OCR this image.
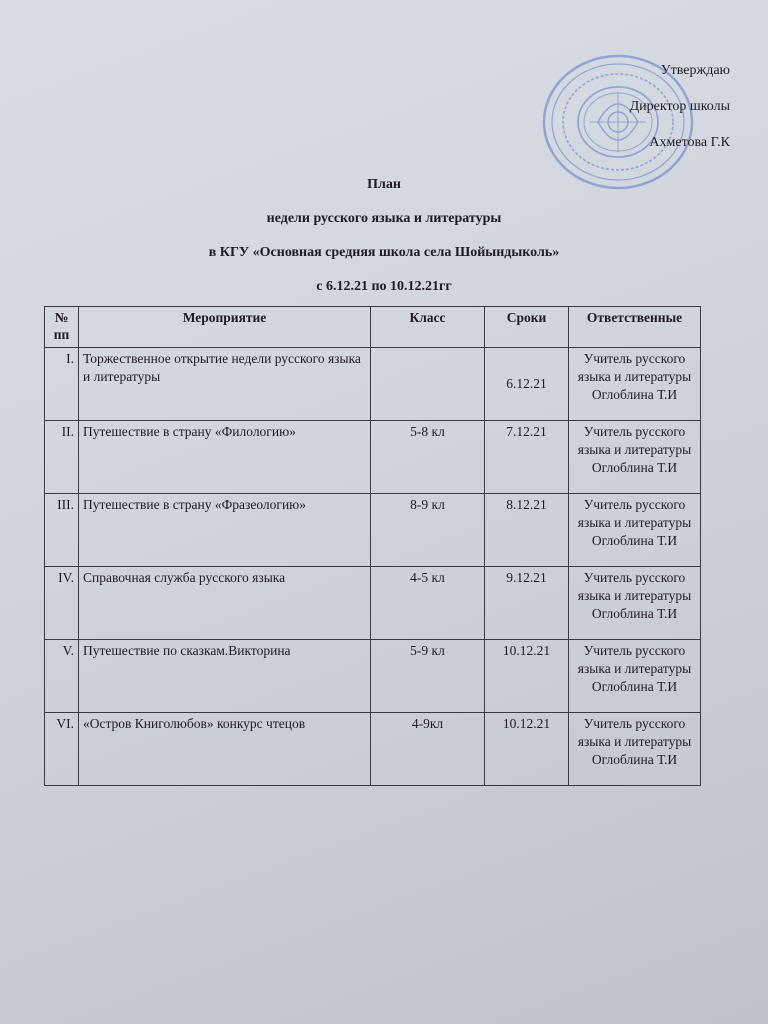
Утверждаю
Директор школы
Ахметова Г.К
План
недели русского языка и литературы
в КГУ «Основная средняя школа села Шойындыколь»
с 6.12.21 по 10.12.21гг
№ пп	Мероприятие	Класс	Сроки	Ответственные
I.	Торжественное открытие недели русского языка и литературы		6.12.21	Учитель русского языка и литературы Оглоблина Т.И
II.	Путешествие в страну «Филологию»	5-8 кл	7.12.21	Учитель русского языка и литературы Оглоблина Т.И
III.	Путешествие в страну «Фразеологию»	8-9 кл	8.12.21	Учитель русского языка и литературы Оглоблина Т.И
IV.	Справочная служба русского языка	4-5 кл	9.12.21	Учитель русского языка и литературы Оглоблина Т.И
V.	Путешествие по сказкам.Викторина	5-9 кл	10.12.21	Учитель русского языка и литературы Оглоблина Т.И
VI.	«Остров Книголюбов» конкурс чтецов	4-9кл	10.12.21	Учитель русского языка и литературы Оглоблина Т.И
